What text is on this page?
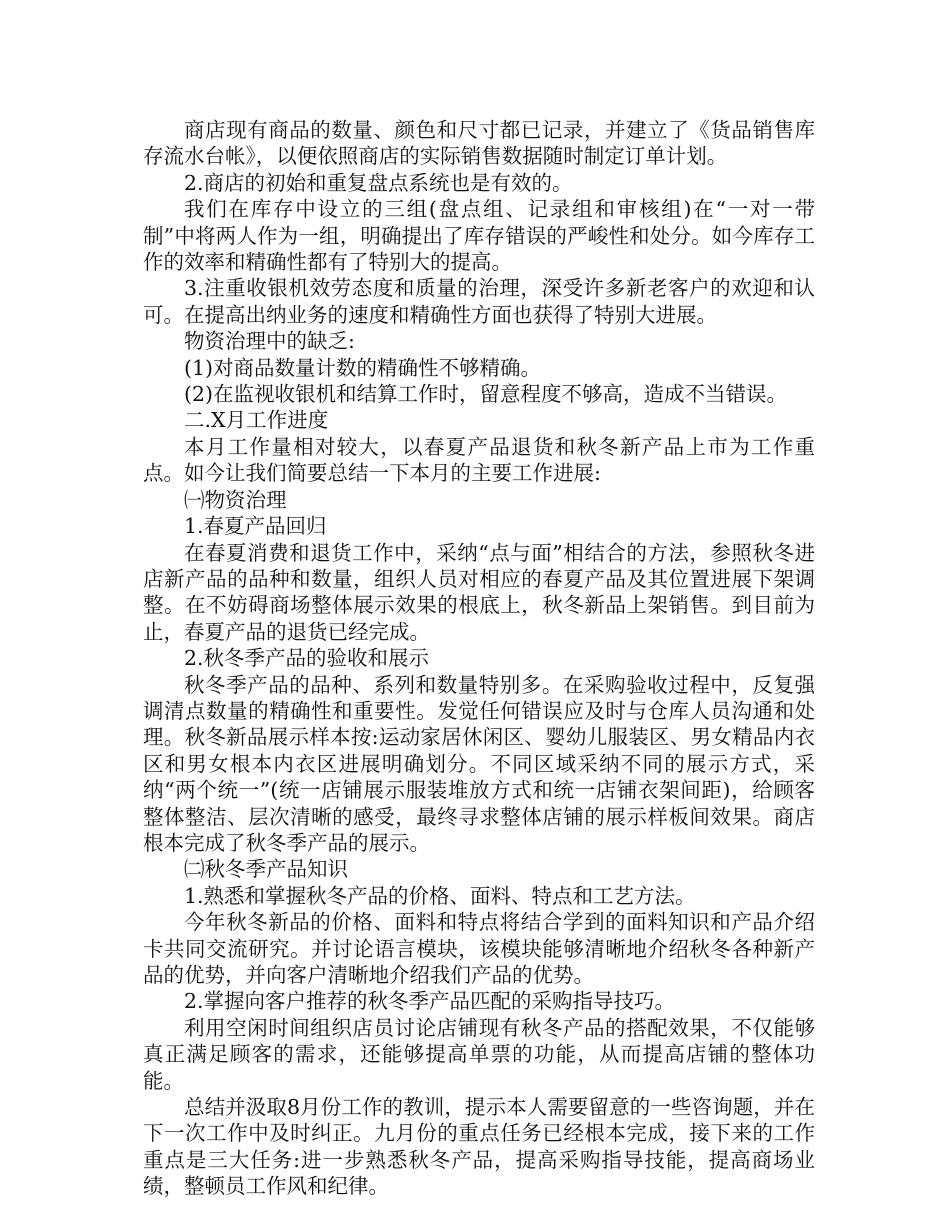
商店现有商品的数量、颜色和尺寸都已记录，并建立了《货品销售库存流水台帐》，以便依照商店的实际销售数据随时制定订单计划。

2.商店的初始和重复盘点系统也是有效的。

我们在库存中设立的三组(盘点组、记录组和审核组)在“一对一带制”中将两人作为一组，明确提出了库存错误的严峻性和处分。如今库存工作的效率和精确性都有了特别大的提高。

3.注重收银机效劳态度和质量的治理，深受许多新老客户的欢迎和认可。在提高出纳业务的速度和精确性方面也获得了特别大进展。

物资治理中的缺乏:

(1)对商品数量计数的精确性不够精确。

(2)在监视收银机和结算工作时，留意程度不够高，造成不当错误。

二.X月工作进度

本月工作量相对较大，以春夏产品退货和秋冬新产品上市为工作重点。如今让我们简要总结一下本月的主要工作进展:

㈠物资治理

1.春夏产品回归

在春夏消费和退货工作中，采纳“点与面”相结合的方法，参照秋冬进店新产品的品种和数量，组织人员对相应的春夏产品及其位置进展下架调整。在不妨碍商场整体展示效果的根底上，秋冬新品上架销售。到目前为止，春夏产品的退货已经完成。

2.秋冬季产品的验收和展示

秋冬季产品的品种、系列和数量特别多。在采购验收过程中，反复强调清点数量的精确性和重要性。发觉任何错误应及时与仓库人员沟通和处理。秋冬新品展示样本按:运动家居休闲区、婴幼儿服装区、男女精品内衣区和男女根本内衣区进展明确划分。不同区域采纳不同的展示方式，采纳“两个统一”(统一店铺展示服装堆放方式和统一店铺衣架间距)，给顾客整体整洁、层次清晰的感受，最终寻求整体店铺的展示样板间效果。商店根本完成了秋冬季产品的展示。

㈡秋冬季产品知识

1.熟悉和掌握秋冬产品的价格、面料、特点和工艺方法。

今年秋冬新品的价格、面料和特点将结合学到的面料知识和产品介绍卡共同交流研究。并讨论语言模块，该模块能够清晰地介绍秋冬各种新产品的优势，并向客户清晰地介绍我们产品的优势。

2.掌握向客户推荐的秋冬季产品匹配的采购指导技巧。

利用空闲时间组织店员讨论店铺现有秋冬产品的搭配效果，不仅能够真正满足顾客的需求，还能够提高单票的功能，从而提高店铺的整体功能。

总结并汲取8月份工作的教训，提示本人需要留意的一些咨询题，并在下一次工作中及时纠正。九月份的重点任务已经根本完成，接下来的工作重点是三大任务:进一步熟悉秋冬产品，提高采购指导技能，提高商场业绩，整顿员工作风和纪律。
